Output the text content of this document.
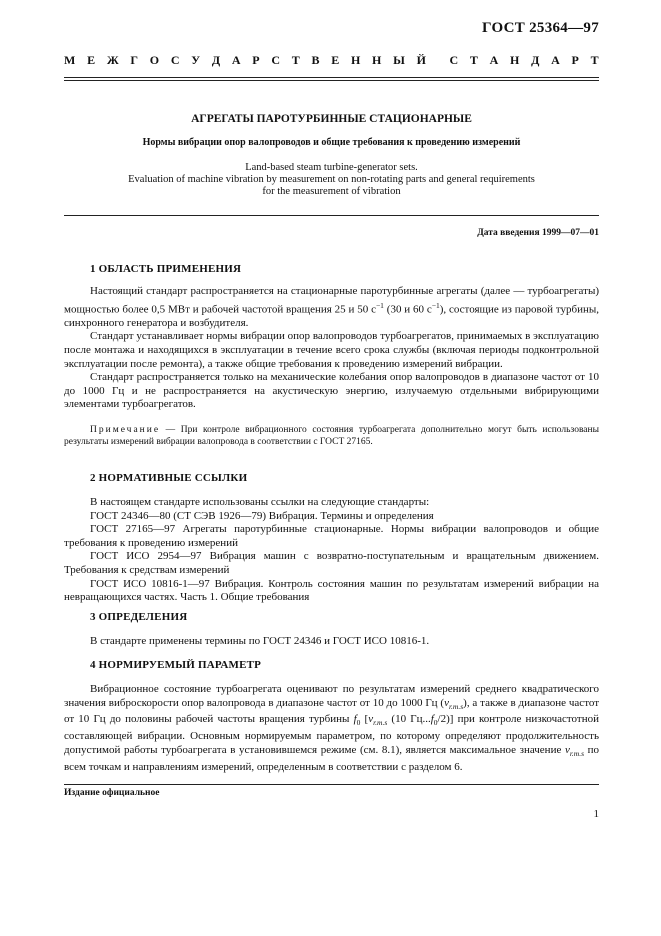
ГОСТ 25364—97
М Е Ж Г О С У Д А Р С Т В Е Н Н Ы Й С Т А Н Д А Р Т
АГРЕГАТЫ ПАРОТУРБИННЫЕ СТАЦИОНАРНЫЕ
Нормы вибрации опор валопроводов и общие требования к проведению измерений
Land-based steam turbine-generator sets.
Evaluation of machine vibration by measurement on non-rotating parts and general requirements
for the measurement of vibration
Дата введения 1999—07—01
1 ОБЛАСТЬ ПРИМЕНЕНИЯ

Настоящий стандарт распространяется на стационарные паротурбинные агрегаты (далее — турбоагрегаты) мощностью более 0,5 МВт и рабочей частотой вращения 25 и 50 $с^{-1}$ (30 и 60 $с^{-1}$), состоящие из паровой турбины, синхронного генератора и возбудителя.

Стандарт устанавливает нормы вибрации опор валопроводов турбоагрегатов, принимаемых в эксплуатацию после монтажа и находящихся в эксплуатации в течение всего срока службы (включая периоды подконтрольной эксплуатации после ремонта), а также общие требования к проведению измерений вибрации.

Стандарт распространяется только на механические колебания опор валопроводов в диапазоне частот от 10 до 1000 Гц и не распространяется на акустическую энергию, излучаемую отдельными вибрирующими элементами турбоагрегатов.

Примечание — При контроле вибрационного состояния турбоагрегата дополнительно могут быть использованы результаты измерений вибрации валопровода в соответствии с ГОСТ 27165.

2 НОРМАТИВНЫЕ ССЫЛКИ

В настоящем стандарте использованы ссылки на следующие стандарты:

ГОСТ 24346—80 (СТ СЭВ 1926—79) Вибрация. Термины и определения

ГОСТ 27165—97 Агрегаты паротурбинные стационарные. Нормы вибрации валопроводов и общие требования к проведению измерений

ГОСТ ИСО 2954—97 Вибрация машин с возвратно-поступательным и вращательным движением. Требования к средствам измерений

ГОСТ ИСО 10816-1—97 Вибрация. Контроль состояния машин по результатам измерений вибрации на невращающихся частях. Часть 1. Общие требования

3 ОПРЕДЕЛЕНИЯ

В стандарте применены термины по ГОСТ 24346 и ГОСТ ИСО 10816-1.

4 НОРМИРУЕМЫЙ ПАРАМЕТР

Вибрационное состояние турбоагрегата оценивают по результатам измерений среднего квадратического значения виброскорости опор валопровода в диапазоне частот от 10 до 1000 Гц $(v_{r.m.s})$, а также в диапазоне частот от 10 Гц до половины рабочей частоты вращения турбины $f_0$ [$v_{r.m.s}$ (10 $Гц...f_0/2$)] при контроле низкочастотной составляющей вибрации. Основным нормируемым параметром, по которому определяют продолжительность допустимой работы турбоагрегата в установившемся режиме (см. 8.1), является максимальное значение $v_{r.m.s}$ по всем точкам и направлениям измерений, определенным в соответствии с разделом 6.

Издание официальное
1
